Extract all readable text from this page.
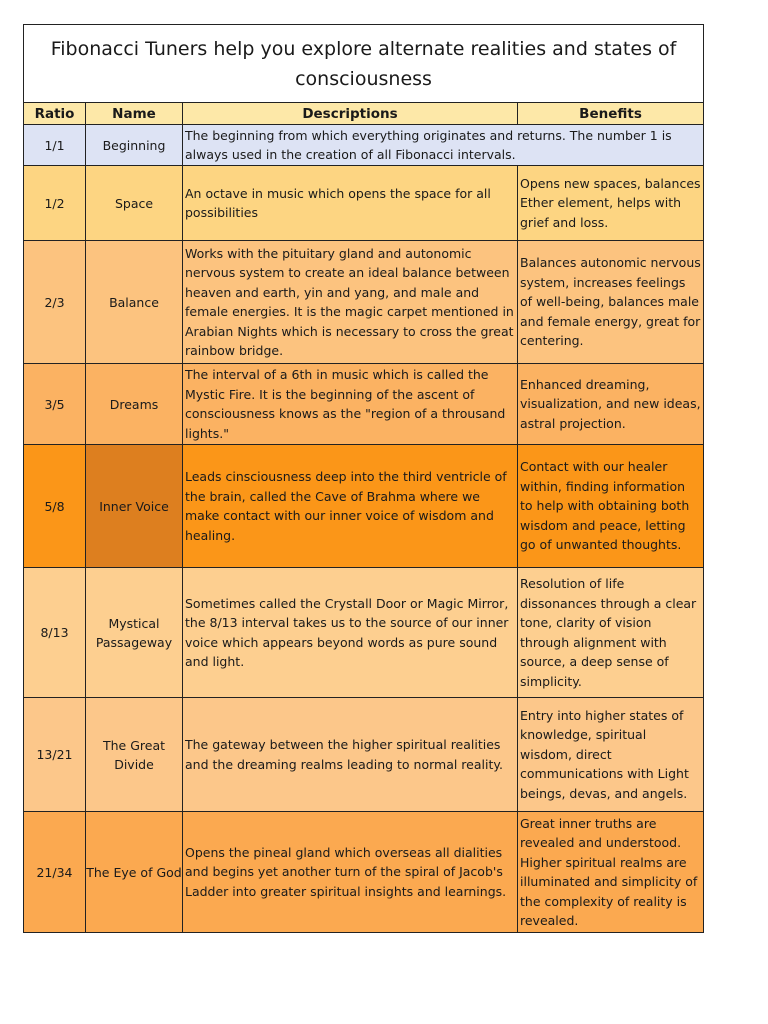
Fibonacci Tuners help you explore alternate realities and states of consciousness			
Ratio	Name	Descriptions	Benefits
1/1	Beginning	The beginning from which everything originates and returns. The number 1 is always used in the creation of all Fibonacci intervals.	
1/2	Space	An octave in music which opens the space for all possibilities	Opens new spaces, balances Ether element, helps with grief and loss.
2/3	Balance	Works with the pituitary gland and autonomic nervous system to create an ideal balance between heaven and earth, yin and yang, and male and female energies. It is the magic carpet mentioned in Arabian Nights which is necessary to cross the great rainbow bridge.	Balances autonomic nervous system, increases feelings of well-being, balances male and female energy, great for centering.
3/5	Dreams	The interval of a 6th in music which is called the Mystic Fire. It is the beginning of the ascent of consciousness knows as the "region of a throusand lights."	Enhanced dreaming, visualization, and new ideas, astral projection.
5/8	Inner Voice	Leads cinsciousness deep into the third ventricle of the brain, called the Cave of Brahma where we make contact with our inner voice of wisdom and healing.	Contact with our healer within, finding information to help with obtaining both wisdom and peace, letting go of unwanted thoughts.
8/13	Mystical Passageway	Sometimes called the Crystall Door or Magic Mirror, the 8/13 interval takes us to the source of our inner voice which appears beyond words as pure sound and light.	Resolution of life dissonances through a clear tone, clarity of vision through alignment with source, a deep sense of simplicity.
13/21	The Great Divide	The gateway between the higher spiritual realities and the dreaming realms leading to normal reality.	Entry into higher states of knowledge, spiritual wisdom, direct communications with Light beings, devas, and angels.
21/34	The Eye of God	Opens the pineal gland which overseas all dialities and begins yet another turn of the spiral of Jacob's Ladder into greater spiritual insights and learnings.	Great inner truths are revealed and understood. Higher spiritual realms are illuminated and simplicity of the complexity of reality is revealed.
